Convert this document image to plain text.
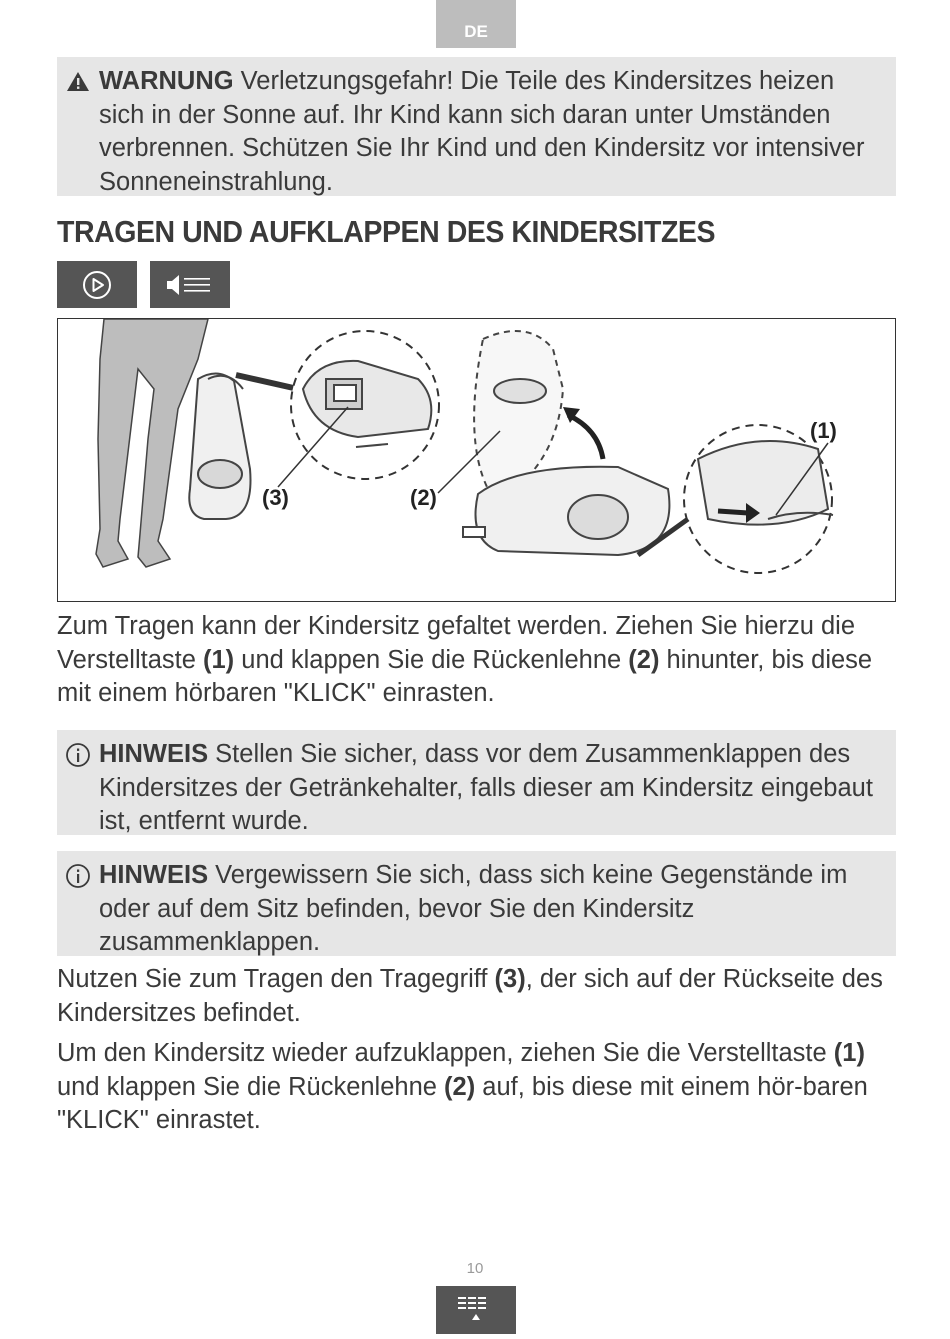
DE
WARNUNG Verletzungsgefahr! Die Teile des Kindersitzes heizen sich in der Sonne auf. Ihr Kind kann sich daran unter Umständen verbrennen. Schützen Sie Ihr Kind und den Kindersitz vor intensiver Sonneneinstrahlung.
TRAGEN UND AUFKLAPPEN DES KINDERSITZES
(1)
(2)
(3)
Zum Tragen kann der Kindersitz gefaltet werden. Ziehen Sie hierzu die Verstelltaste (1) und klappen Sie die Rückenlehne (2) hinunter, bis diese mit einem hörbaren "KLICK" einrasten.
HINWEIS Stellen Sie sicher, dass vor dem Zusammenklappen des Kindersitzes der Getränkehalter, falls dieser am Kindersitz eingebaut ist, entfernt wurde.
HINWEIS Vergewissern Sie sich, dass sich keine Gegenstände im oder auf dem Sitz befinden, bevor Sie den Kindersitz zusammenklappen.
Nutzen Sie zum Tragen den Tragegriff (3), der sich auf der Rückseite des Kindersitzes befindet.
Um den Kindersitz wieder aufzuklappen, ziehen Sie die Verstelltaste (1) und klappen Sie die Rückenlehne (2) auf, bis diese mit einem hör-baren "KLICK" einrastet.
10
